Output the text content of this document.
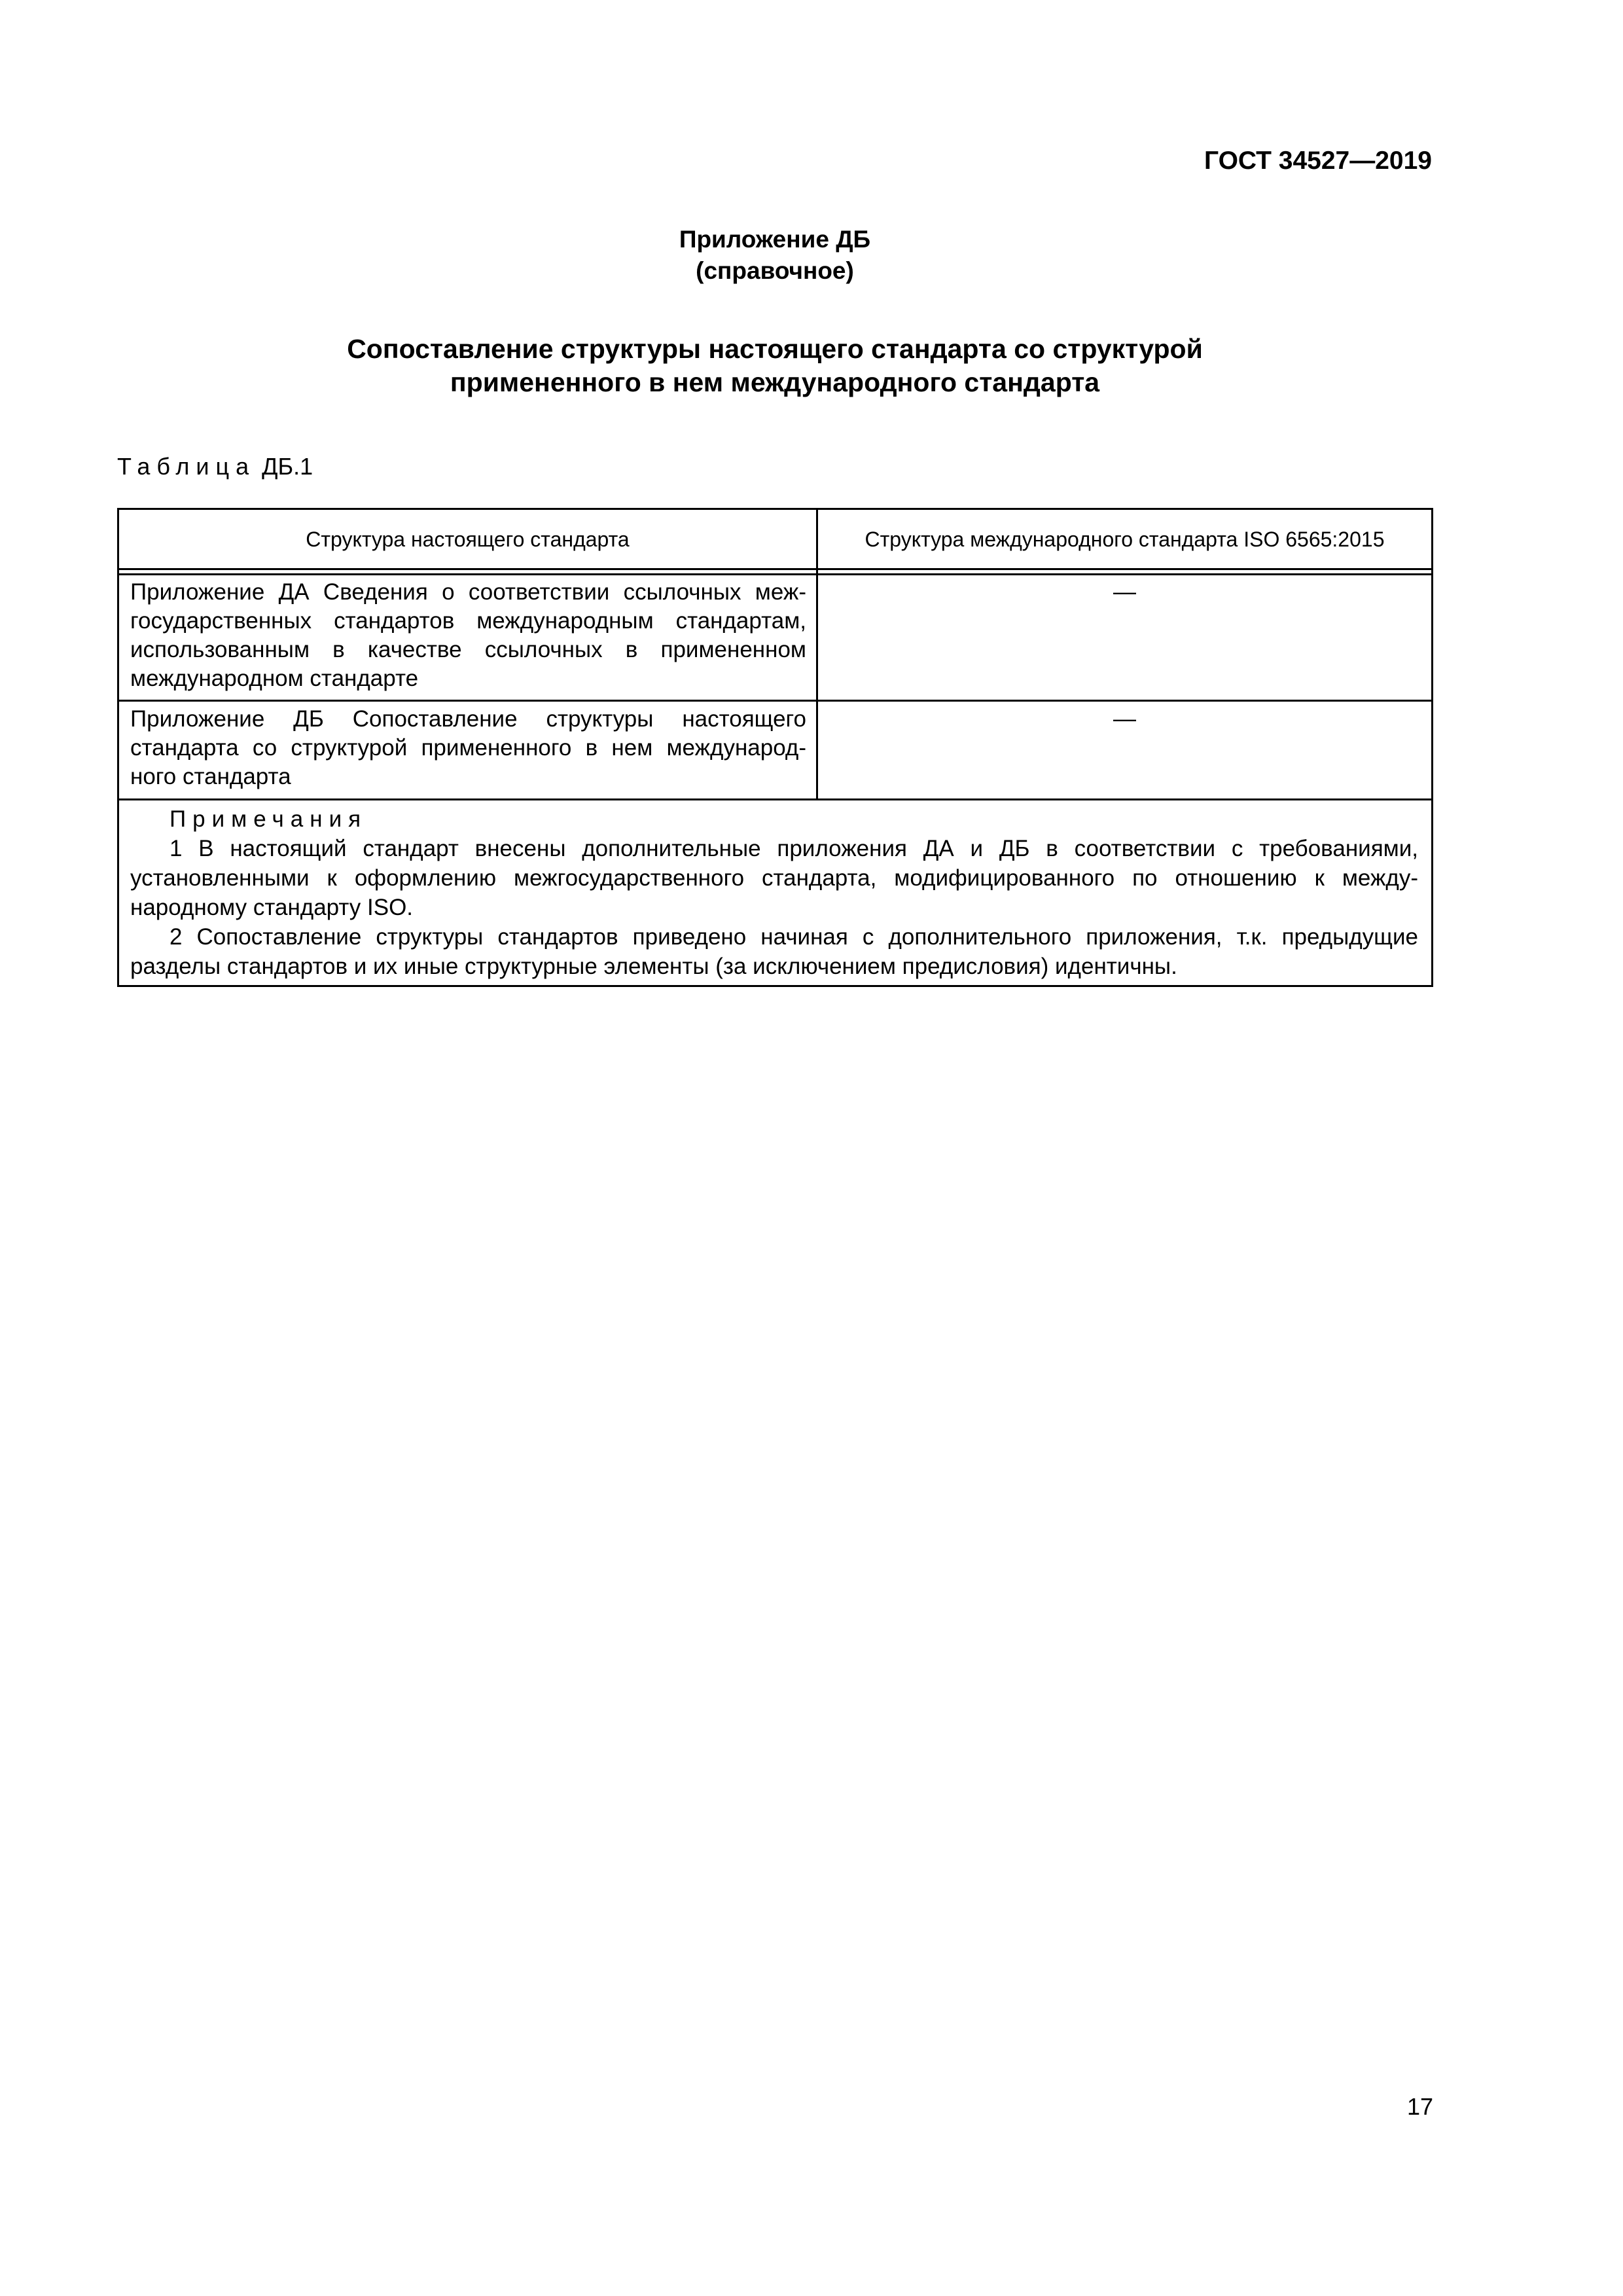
ГОСТ 34527—2019
Приложение ДБ
(справочное)
Сопоставление структуры настоящего стандарта со структурой
примененного в нем международного стандарта
Таблица ДБ.1
Структура настоящего стандарта	Структура международного стандарта ISO 6565:2015
Приложение ДА Сведения о соответствии ссылочных меж-
государственных стандартов международным стандартам,
использованным в качестве ссылочных в примененном
международном стандарте
—
Приложение ДБ Сопоставление структуры настоящего
стандарта со структурой примененного в нем международ-
ного стандарта
—
Примечания
1 В настоящий стандарт внесены дополнительные приложения ДА и ДБ в соответствии с требованиями,
установленными к оформлению межгосударственного стандарта, модифицированного по отношению к между-
народному стандарту ISO.
2 Сопоставление структуры стандартов приведено начиная с дополнительного приложения, т.к. предыдущие
разделы стандартов и их иные структурные элементы (за исключением предисловия) идентичны.
17
